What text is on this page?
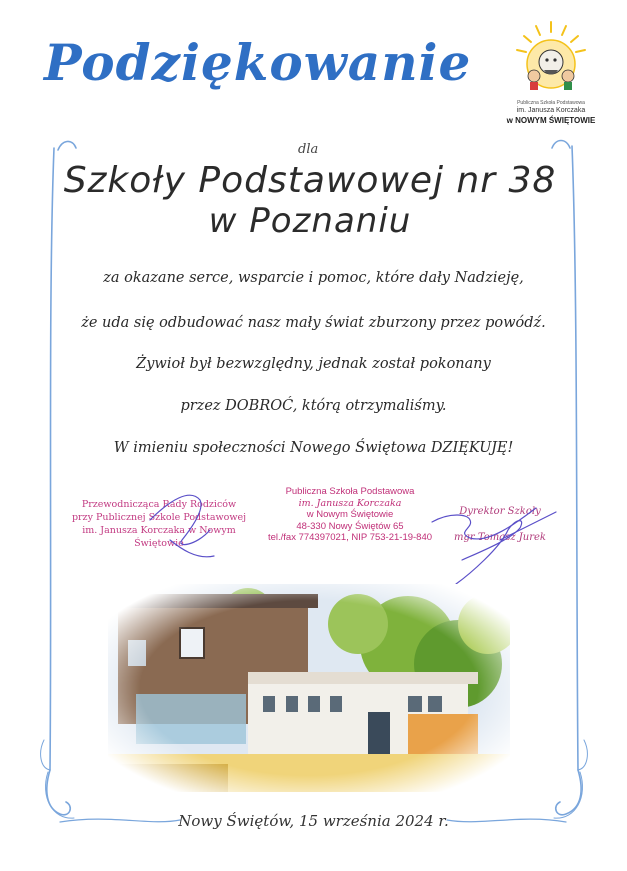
Podziękowanie
Publiczna Szkoła Podstawowa
im. Janusza Korczaka
w NOWYM ŚWIĘTOWIE
dla
Szkoły Podstawowej nr 38
w Poznaniu
za okazane serce, wsparcie i pomoc, które dały Nadzieję,
że uda się odbudować nasz mały świat zburzony przez powódź.
Żywioł był bezwzględny, jednak został pokonany
przez DOBROĆ, którą otrzymaliśmy.
W imieniu społeczności Nowego Świętowa DZIĘKUJĘ!
Przewodnicząca Rady Rodziców
przy Publicznej Szkole Podstawowej
im. Janusza Korczaka w Nowym Świętowie
Publiczna Szkoła Podstawowa
im. Janusza Korczaka
w Nowym Świętowie
48-330 Nowy Świętów 65
tel./fax 774397021, NIP 753-21-19-840
Dyrektor Szkoły
mgr Tomasz Jurek
Nowy Świętów, 15 września 2024 r.
